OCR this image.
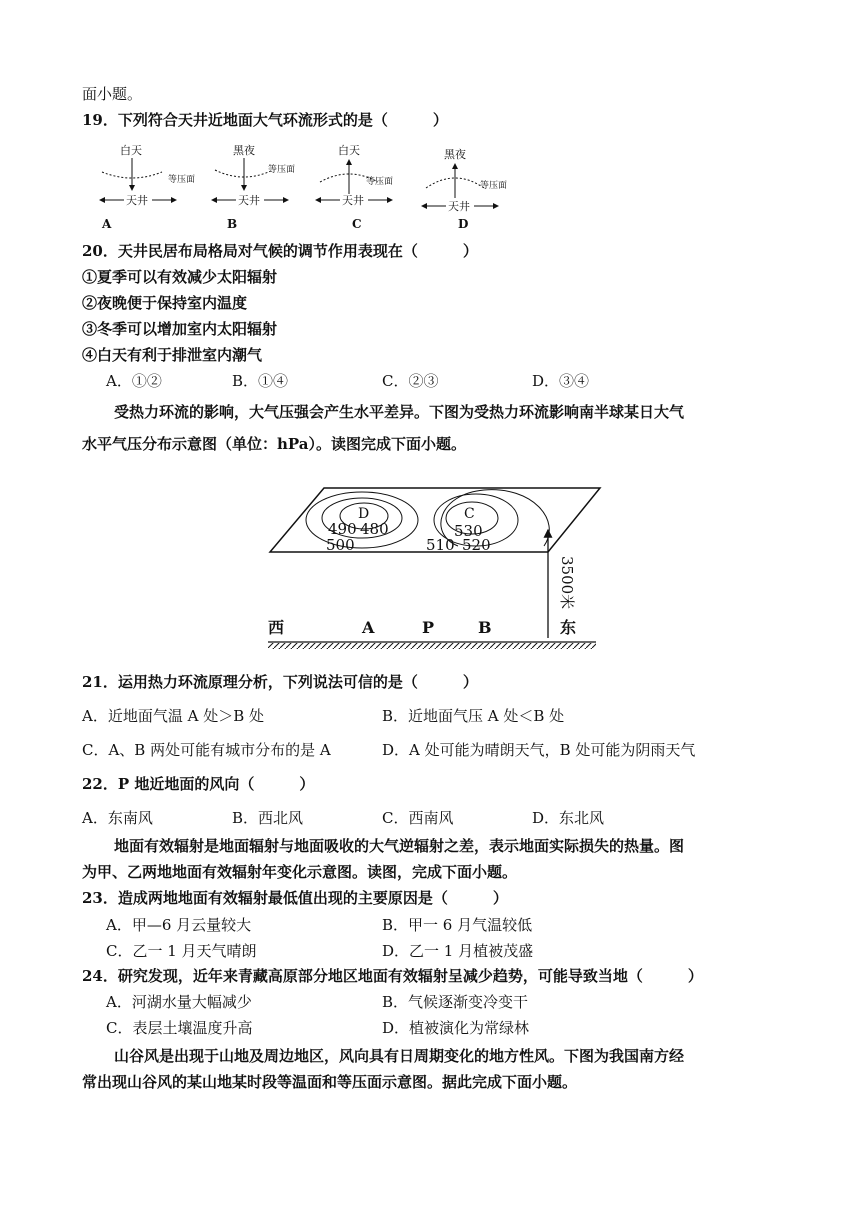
面小题。
19．下列符合天井近地面大气环流形式的是（　　　）
白天
等压面
天井
A
黑夜
等压面
天井
B
白天
等压面
天井
C
黑夜
等压面
天井
D
20．天井民居布局格局对气候的调节作用表现在（　　　）
①夏季可以有效减少太阳辐射
②夜晚便于保持室内温度
③冬季可以增加室内太阳辐射
④白天有利于排泄室内潮气
A．①②	B．①④	C．②③	D．③④
受热力环流的影响，大气压强会产生水平差异。下图为受热力环流影响南半球某日大气
水平气压分布示意图（单位：hPa）。读图完成下面小题。
D
490 480
500
C
530
510 520
3500米
西	A	P	B	东
21．运用热力环流原理分析，下列说法可信的是（　　　）
A．近地面气温 A 处＞B 处	B．近地面气压 A 处＜B 处
C．A、B 两处可能有城市分布的是 A	D．A 处可能为晴朗天气，B 处可能为阴雨天气
22．P 地近地面的风向（　　　）
A．东南风	B．西北风	C．西南风	D．东北风
地面有效辐射是地面辐射与地面吸收的大气逆辐射之差，表示地面实际损失的热量。图
为甲、乙两地地面有效辐射年变化示意图。读图，完成下面小题。
23．造成两地地面有效辐射最低值出现的主要原因是（　　　）
A．甲—6 月云量较大	B．甲一 6 月气温较低
C．乙一 1 月天气晴朗	D．乙一 1 月植被茂盛
24．研究发现，近年来青藏高原部分地区地面有效辐射呈减少趋势，可能导致当地（　　　）
A．河湖水量大幅减少	B．气候逐渐变冷变干
C．表层土壤温度升高	D．植被演化为常绿林
山谷风是出现于山地及周边地区，风向具有日周期变化的地方性风。下图为我国南方经
常出现山谷风的某山地某时段等温面和等压面示意图。据此完成下面小题。
